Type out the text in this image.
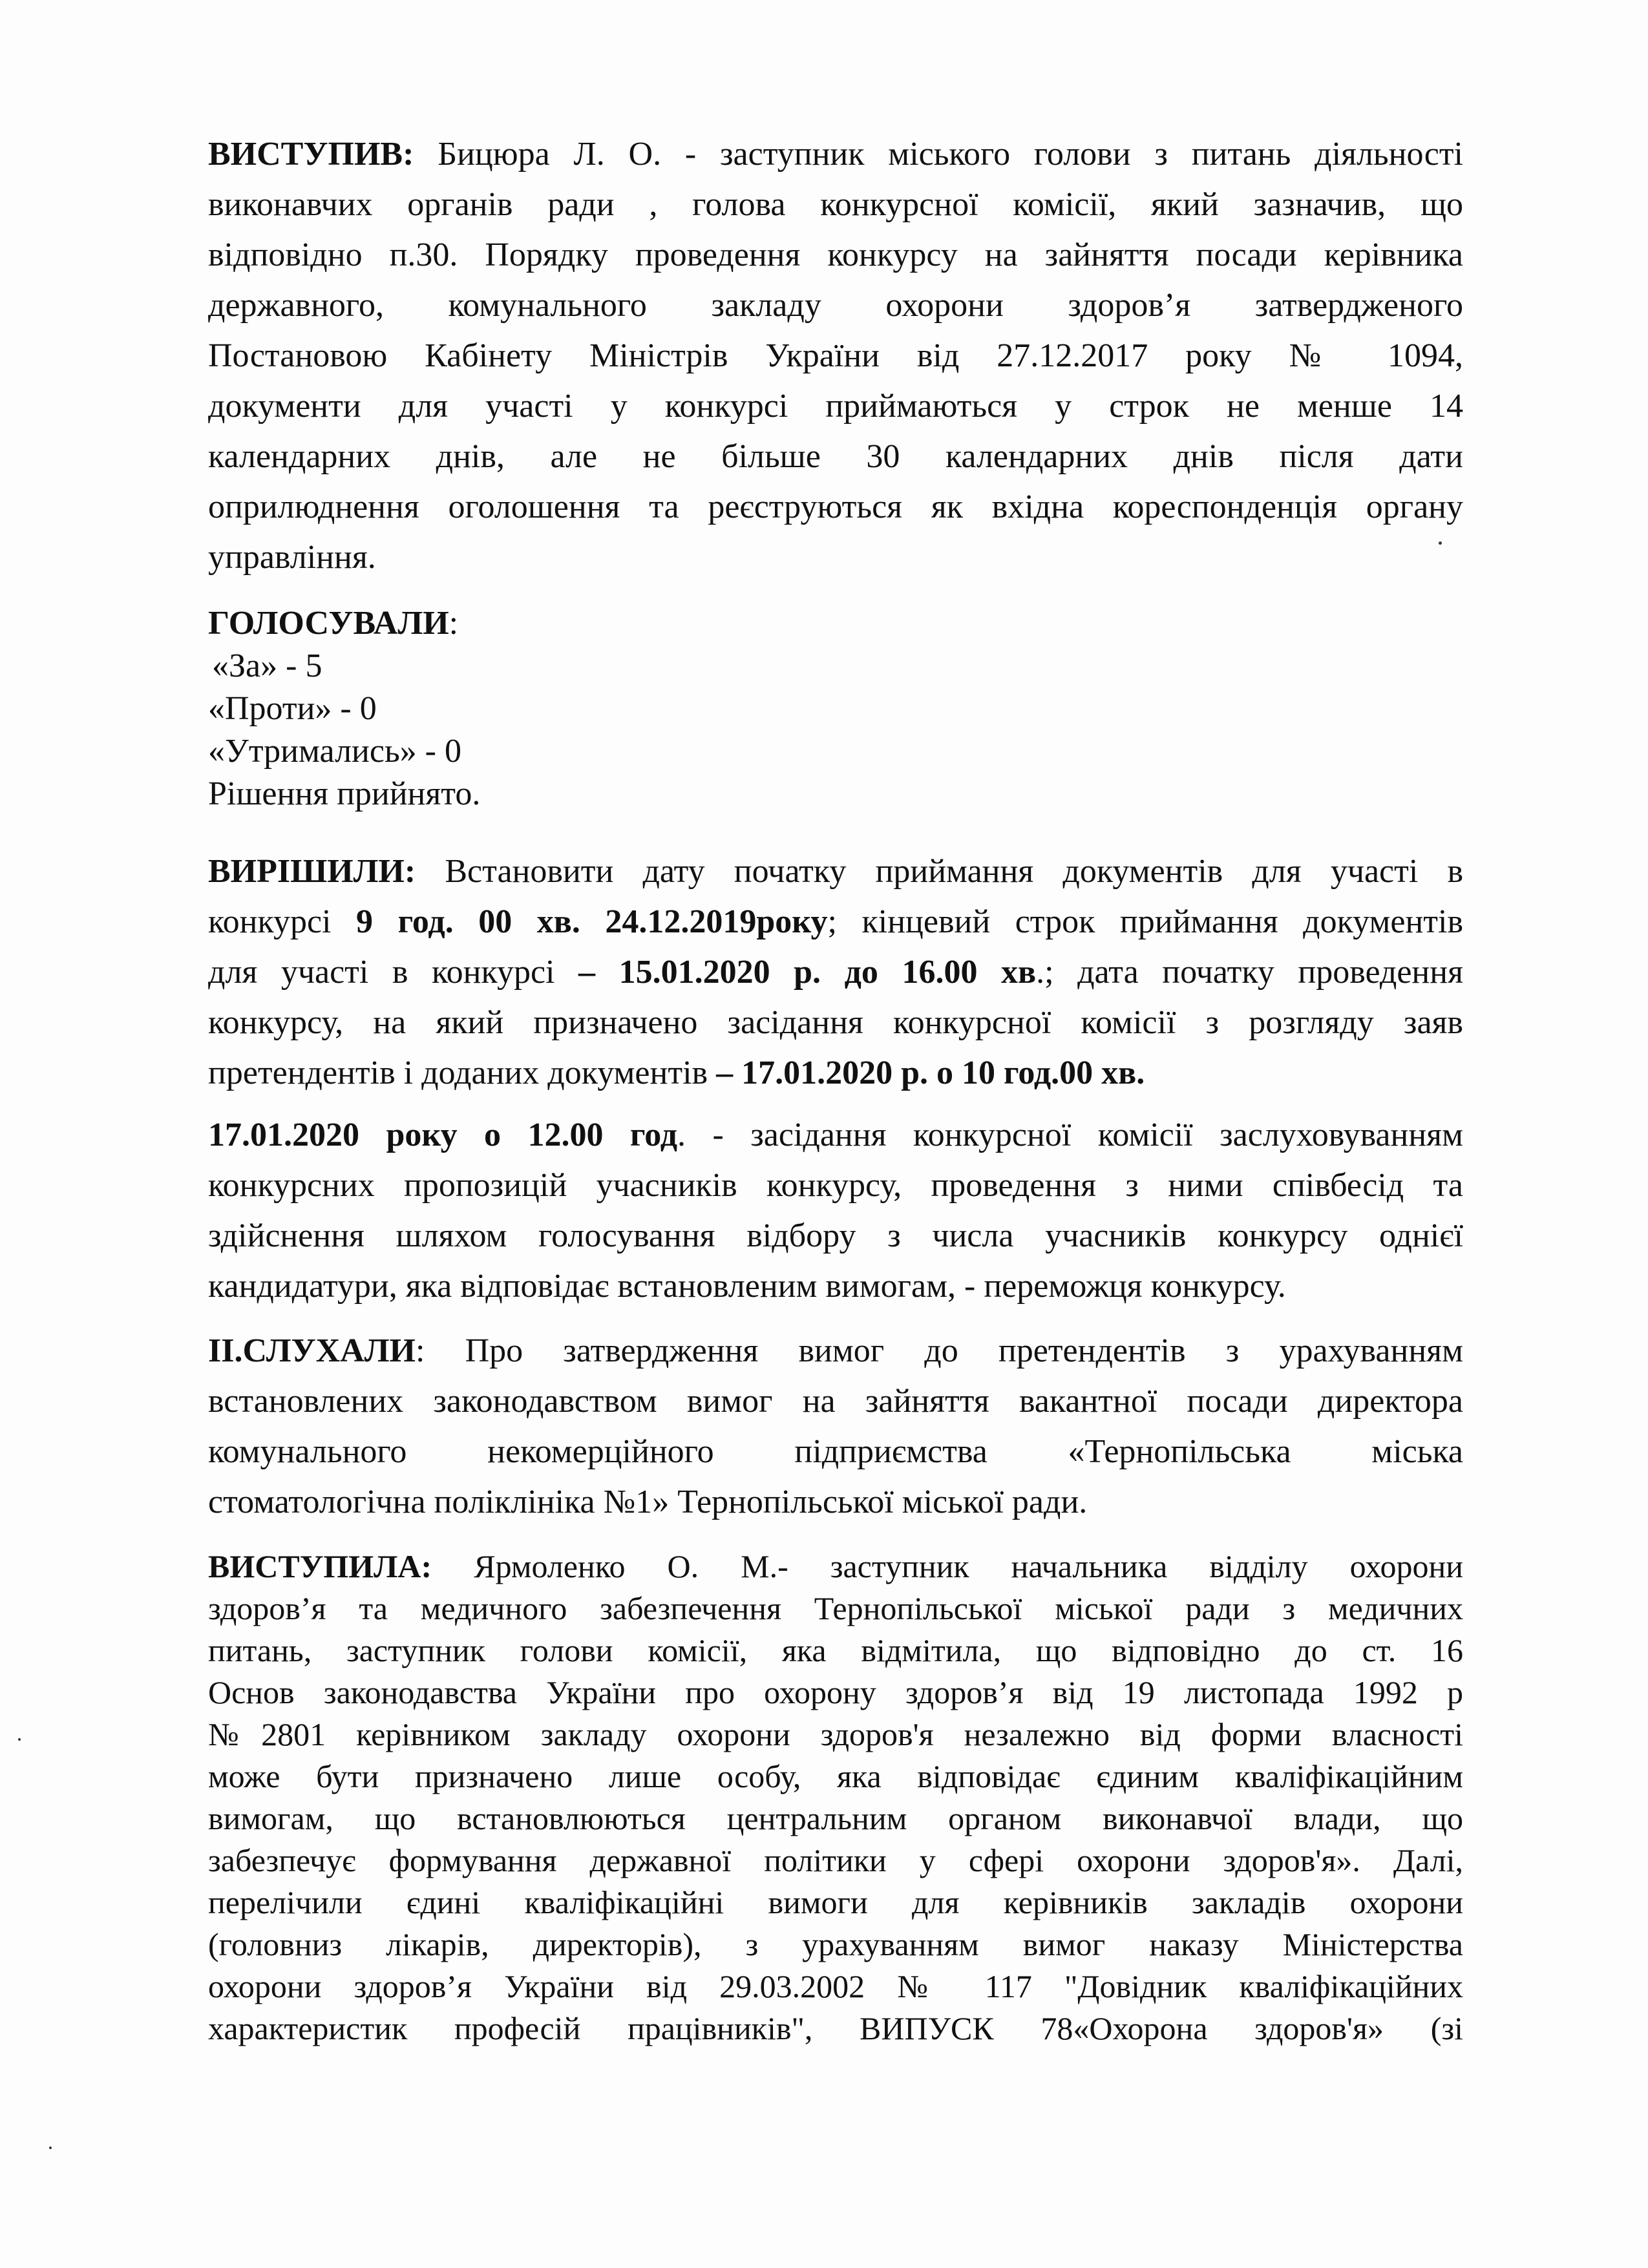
ВИСТУПИВ: Бицюра Л. О. - заступник міського голови з питань діяльності
виконавчих органів ради , голова конкурсної комісії, який зазначив, що
відповідно п.30. Порядку проведення конкурсу на зайняття посади керівника
державного, комунального закладу охорони здоров’я затвердженого
Постановою Кабінету Міністрів України від 27.12.2017 року № 1094,
документи для участі у конкурсі приймаються у строк не менше 14
календарних днів, але не більше 30 календарних днів після дати
оприлюднення оголошення та реєструються як вхідна кореспонденція органу
управління.
ГОЛОСУВАЛИ:
«За» - 5
«Проти» - 0
«Утримались» - 0
Рішення прийнято.
ВИРІШИЛИ: Встановити дату початку приймання документів для участі в
конкурсі 9 год. 00 хв. 24.12.2019року; кінцевий строк приймання документів
для участі в конкурсі – 15.01.2020 р. до 16.00 хв.; дата початку проведення
конкурсу, на який призначено засідання конкурсної комісії з розгляду заяв
претендентів і доданих документів – 17.01.2020 р. о 10 год.00 хв.
17.01.2020 року о 12.00 год. - засідання конкурсної комісії заслуховуванням
конкурсних пропозицій учасників конкурсу, проведення з ними співбесід та
здійснення шляхом голосування відбору з числа учасників конкурсу однієї
кандидатури, яка відповідає встановленим вимогам, - переможця конкурсу.
ІІ.СЛУХАЛИ: Про затвердження вимог до претендентів з урахуванням
встановлених законодавством вимог на зайняття вакантної посади директора
комунального некомерційного підприємства «Тернопільська міська
стоматологічна поліклініка №1» Тернопільської міської ради.
ВИСТУПИЛА: Ярмоленко О. М.- заступник начальника відділу охорони
здоров’я та медичного забезпечення Тернопільської міської ради з медичних
питань, заступник голови комісії, яка відмітила, що відповідно до ст. 16
Основ законодавства України про охорону здоров’я від 19 листопада 1992 р
№2801 керівником закладу охорони здоров'я незалежно від форми власності
може бути призначено лише особу, яка відповідає єдиним кваліфікаційним
вимогам, що встановлюються центральним органом виконавчої влади, що
забезпечує формування державної політики у сфері охорони здоров'я». Далі,
перелічили єдині кваліфікаційні вимоги для керівників закладів охорони
(головниз лікарів, директорів), з урахуванням вимог наказу Міністерства
охорони здоров’я України від 29.03.2002 № 117 "Довідник кваліфікаційних
характеристик професій працівників", ВИПУСК 78«Охорона здоров'я» (зі
